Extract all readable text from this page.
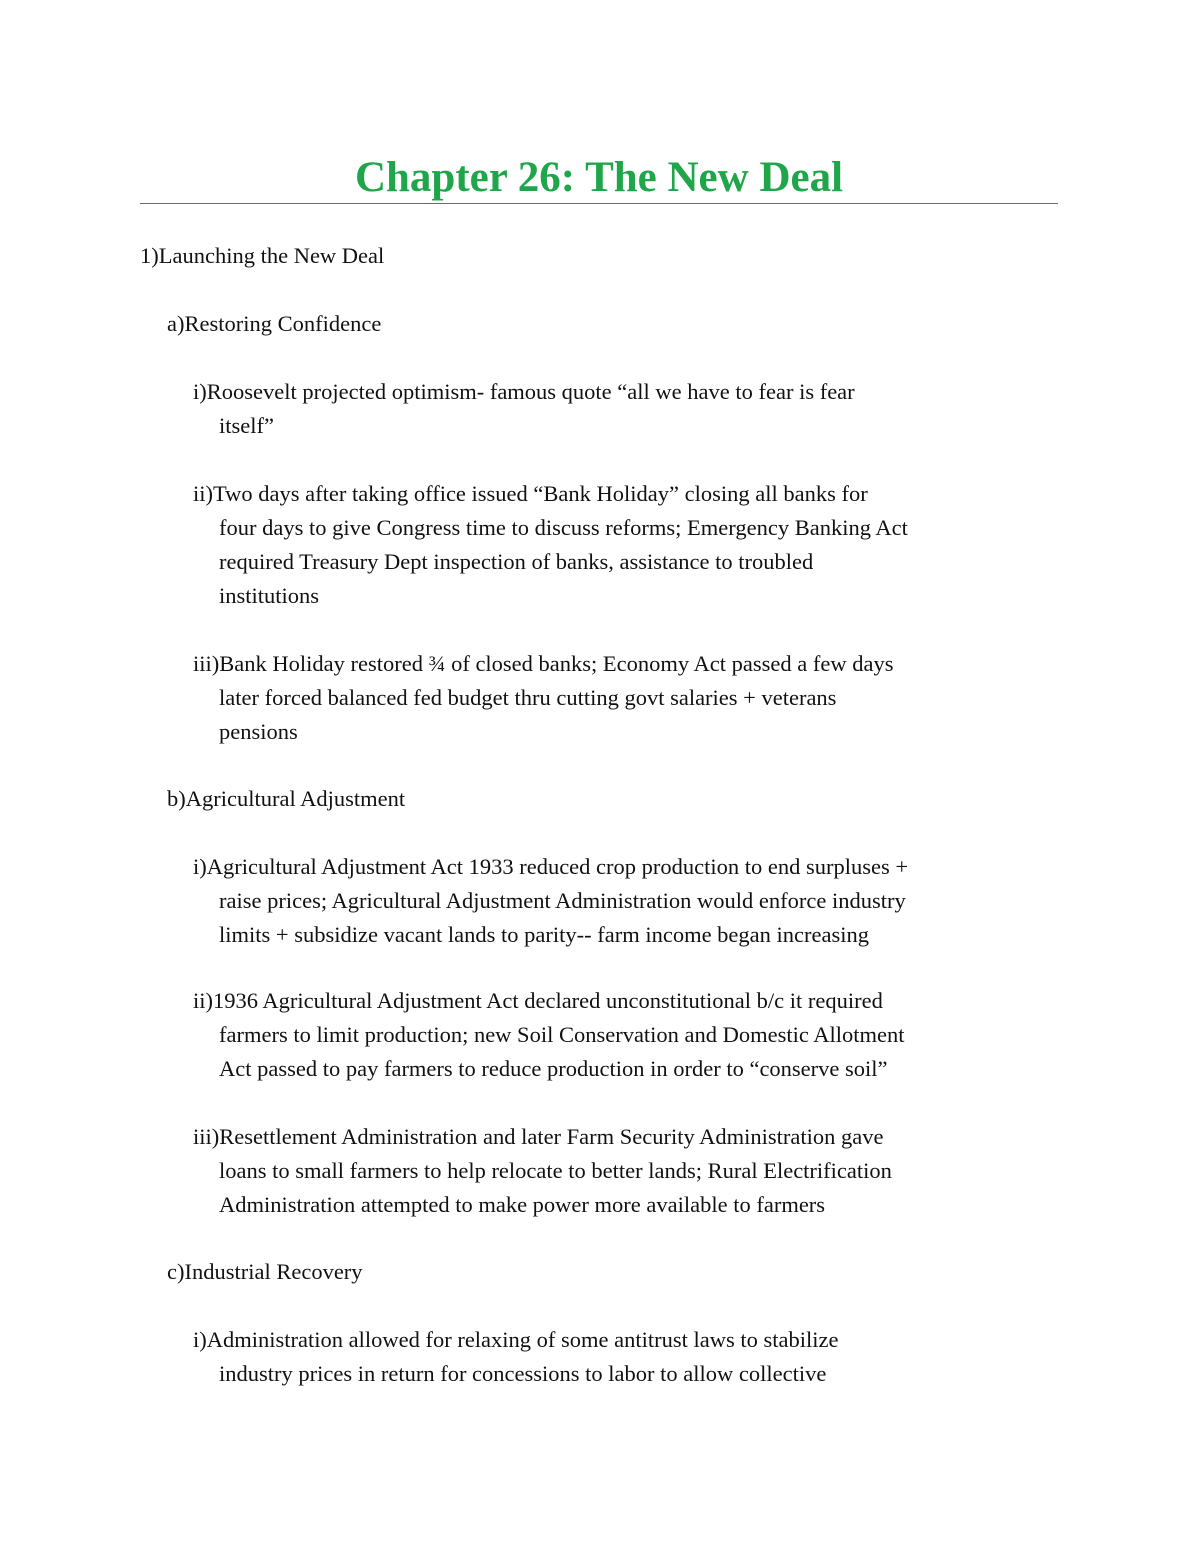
Chapter 26: The New Deal

1)Launching the New Deal

a)Restoring Confidence

i)Roosevelt projected optimism- famous quote “all we have to fear is fear

itself”

ii)Two days after taking office issued “Bank Holiday” closing all banks for

four days to give Congress time to discuss reforms; Emergency Banking Act

required Treasury Dept inspection of banks, assistance to troubled

institutions

iii)Bank Holiday restored ¾ of closed banks; Economy Act passed a few days

later forced balanced fed budget thru cutting govt salaries + veterans

pensions

b)Agricultural Adjustment

i)Agricultural Adjustment Act 1933 reduced crop production to end surpluses +

raise prices; Agricultural Adjustment Administration would enforce industry

limits + subsidize vacant lands to parity-- farm income began increasing

ii)1936 Agricultural Adjustment Act declared unconstitutional b/c it required

farmers to limit production; new Soil Conservation and Domestic Allotment

Act passed to pay farmers to reduce production in order to “conserve soil”

iii)Resettlement Administration and later Farm Security Administration gave

loans to small farmers to help relocate to better lands; Rural Electrification

Administration attempted to make power more available to farmers

c)Industrial Recovery

i)Administration allowed for relaxing of some antitrust laws to stabilize

industry prices in return for concessions to labor to allow collective
